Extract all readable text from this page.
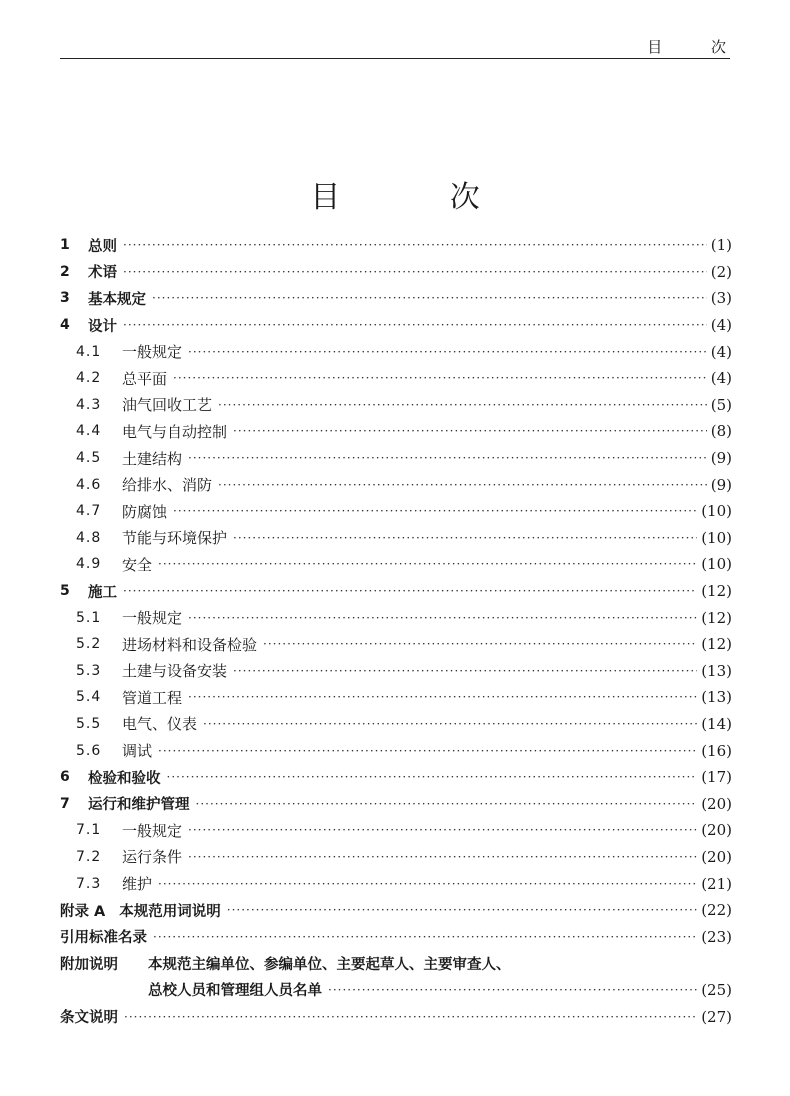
目 次
目 次
1	总则 ·····	(1)
2	术语 ·····	(2)
3	基本规定 ·····	(3)
4	设计 ·····	(4)
4.1	一般规定 ·····	(4)
4.2	总平面 ·····	(4)
4.3	油气回收工艺 ·····	(5)
4.4	电气与自动控制 ·····	(8)
4.5	土建结构 ·····	(9)
4.6	给排水、消防 ·····	(9)
4.7	防腐蚀 ·····	(10)
4.8	节能与环境保护 ·····	(10)
4.9	安全 ·····	(10)
5	施工 ·····	(12)
5.1	一般规定 ·····	(12)
5.2	进场材料和设备检验 ·····	(12)
5.3	土建与设备安装 ·····	(13)
5.4	管道工程 ·····	(13)
5.5	电气、仪表 ·····	(14)
5.6	调试 ·····	(16)
6	检验和验收 ·····	(17)
7	运行和维护管理 ·····	(20)
7.1	一般规定 ·····	(20)
7.2	运行条件 ·····	(20)
7.3	维护 ·····	(21)
附录 A 本规范用词说明 ·····	(22)
引用标准名录 ·····	(23)
附加说明	本规范主编单位、参编单位、主要起草人、主要审查人、
总校人员和管理组人员名单 ·····	(25)
条文说明 ·····	(27)
